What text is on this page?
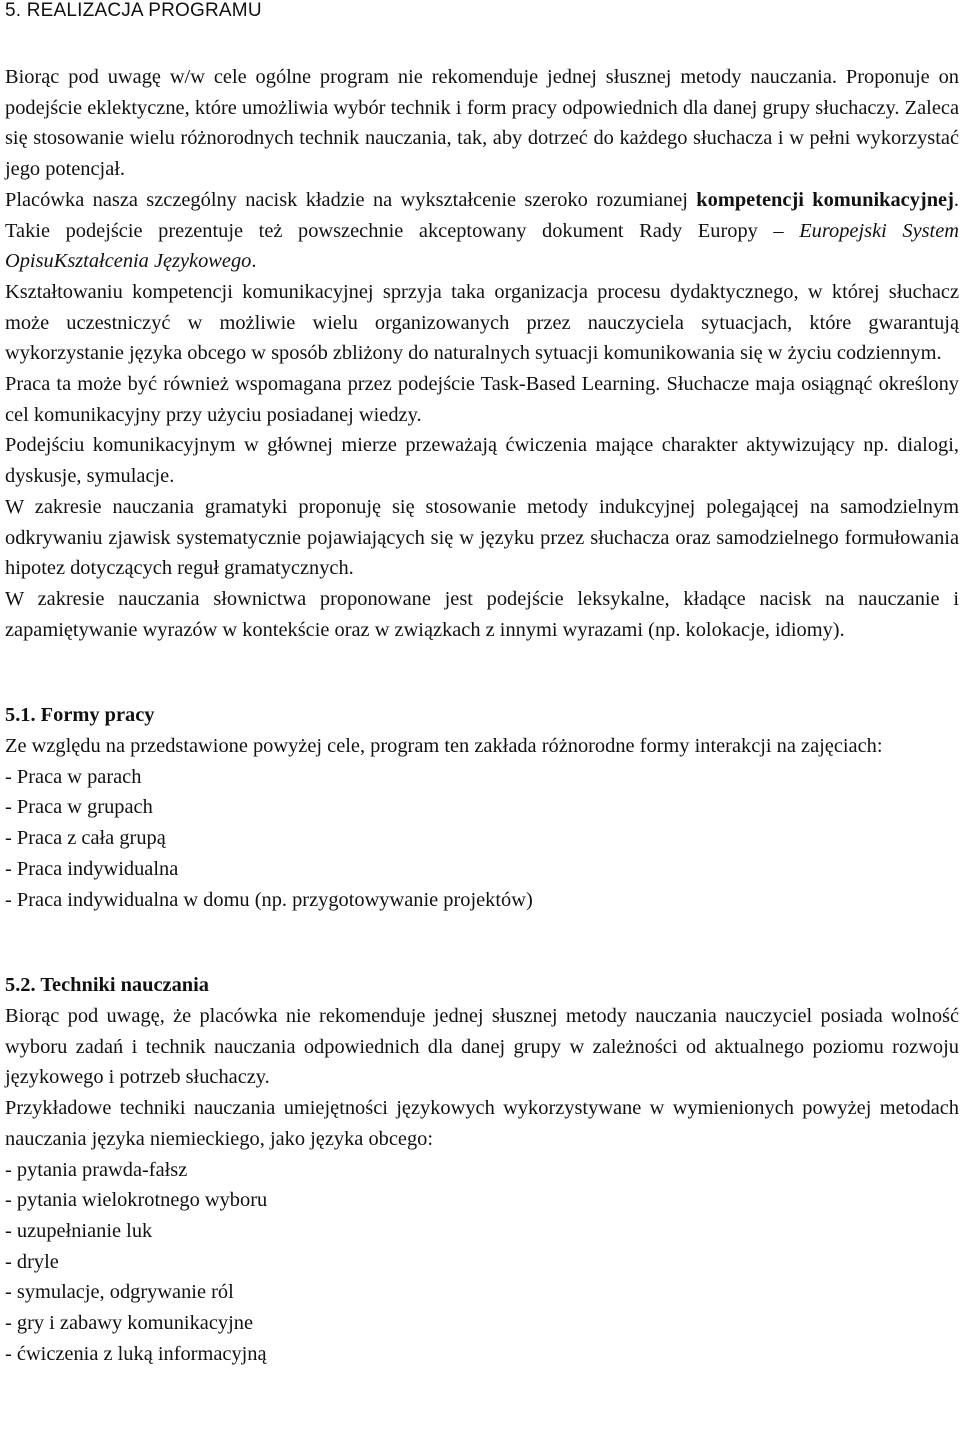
5. REALIZACJA PROGRAMU

Biorąc pod uwagę w/w cele ogólne program nie rekomenduje jednej słusznej metody nauczania. Proponuje on podejście eklektyczne, które umożliwia wybór technik i form pracy odpowiednich dla danej grupy słuchaczy. Zaleca się stosowanie wielu różnorodnych technik nauczania, tak, aby dotrzeć do każdego słuchacza i w pełni wykorzystać jego potencjał.

Placówka nasza szczególny nacisk kładzie na wykształcenie szeroko rozumianej kompetencji komunikacyjnej. Takie podejście prezentuje też powszechnie akceptowany dokument Rady Europy – Europejski System OpisuKształcenia Językowego.

Kształtowaniu kompetencji komunikacyjnej sprzyja taka organizacja procesu dydaktycznego, w której słuchacz może uczestniczyć w możliwie wielu organizowanych przez nauczyciela sytuacjach, które gwarantują wykorzystanie języka obcego w sposób zbliżony do naturalnych sytuacji komunikowania się w życiu codziennym.

Praca ta może być również wspomagana przez podejście Task-Based Learning. Słuchacze maja osiągnąć określony cel komunikacyjny przy użyciu posiadanej wiedzy.

Podejściu komunikacyjnym w głównej mierze przeważają ćwiczenia mające charakter aktywizujący np. dialogi, dyskusje, symulacje.

W zakresie nauczania gramatyki proponuję się stosowanie metody indukcyjnej polegającej na samodzielnym odkrywaniu zjawisk systematycznie pojawiających się w języku przez słuchacza oraz samodzielnego formułowania hipotez dotyczących reguł gramatycznych.

W zakresie nauczania słownictwa proponowane jest podejście leksykalne, kładące nacisk na nauczanie i zapamiętywanie wyrazów w kontekście oraz w związkach z innymi wyrazami (np. kolokacje, idiomy).

5.1. Formy pracy

Ze względu na przedstawione powyżej cele, program ten zakłada różnorodne formy interakcji na zajęciach:

- Praca w parach
- Praca w grupach
- Praca z cała grupą
- Praca indywidualna
- Praca indywidualna w domu (np. przygotowywanie projektów)
5.2. Techniki nauczania

Biorąc pod uwagę, że placówka nie rekomenduje jednej słusznej metody nauczania nauczyciel posiada wolność wyboru zadań i technik nauczania odpowiednich dla danej grupy w zależności od aktualnego poziomu rozwoju językowego i potrzeb słuchaczy.

Przykładowe techniki nauczania umiejętności językowych wykorzystywane w wymienionych powyżej metodach nauczania języka niemieckiego, jako języka obcego:

- pytania prawda-fałsz
- pytania wielokrotnego wyboru
- uzupełnianie luk
- dryle
- symulacje, odgrywanie ról
- gry i zabawy komunikacyjne
- ćwiczenia z luką informacyjną
